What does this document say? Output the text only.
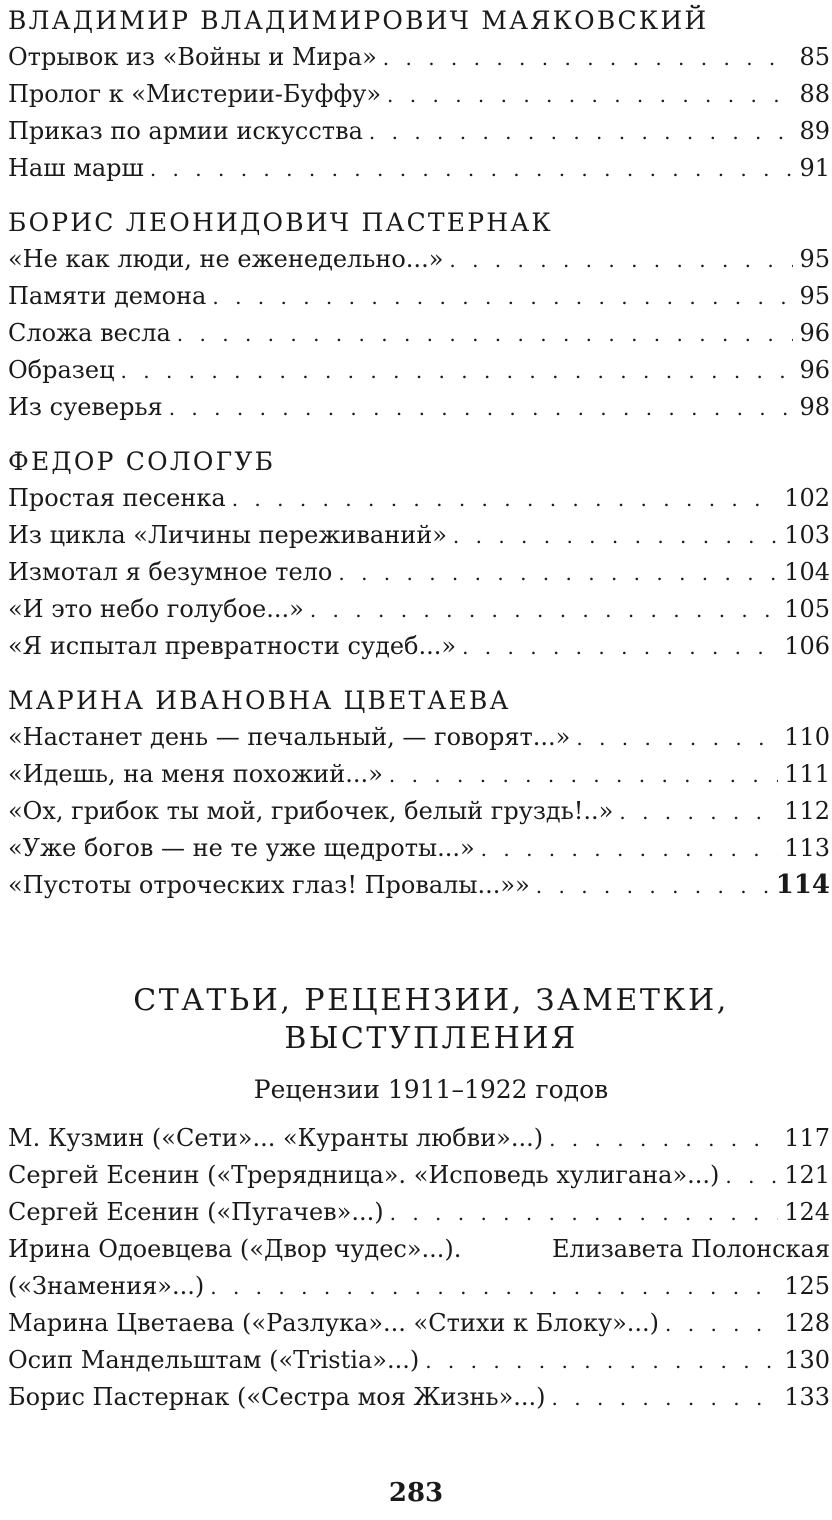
ВЛАДИМИР ВЛАДИМИРОВИЧ МАЯКОВСКИЙ
Отрывок из «Войны и Мира» . . .	85
Пролог к «Мистерии-Буффу» . . .	88
Приказ по армии искусства . . .	89
Наш марш . . .	91
БОРИС ЛЕОНИДОВИЧ ПАСТЕРНАК
«Не как люди, не еженедельно...» . . .	95
Памяти демона . . .	95
Сложа весла . . .	96
Образец . . .	96
Из суеверья . . .	98
ФЕДОР СОЛОГУБ
Простая песенка . . .	102
Из цикла «Личины переживаний» . . .	103
Измотал я безумное тело . . .	104
«И это небо голубое...» . . .	105
«Я испытал превратности судеб...» . . .	106
МАРИНА ИВАНОВНА ЦВЕТАЕВА
«Настанет день — печальный, — говорят...» . . .	110
«Идешь, на меня похожий...» . . .	111
«Ох, грибок ты мой, грибочек, белый груздь!..» . . .	112
«Уже богов — не те уже щедроты...» . . .	113
«Пустоты отроческих глаз! Провалы...»» . . .	114
СТАТЬИ, РЕЦЕНЗИИ, ЗАМЕТКИ,
ВЫСТУПЛЕНИЯ
Рецензии 1911–1922 годов
М. Кузмин («Сети»... «Куранты любви»...) . . .	117
Сергей Есенин («Трерядница». «Исповедь хулигана»...) . . .	121
Сергей Есенин («Пугачев»...) . . .	124
Ирина Одоевцева («Двор чудес»...).	Елизавета Полонская
(«Знамения»...) . . .	125
Марина Цветаева («Разлука»... «Стихи к Блоку»...) . . .	128
Осип Мандельштам («Tristia»...) . . .	130
Борис Пастернак («Сестра моя Жизнь»...) . . .	133
283
